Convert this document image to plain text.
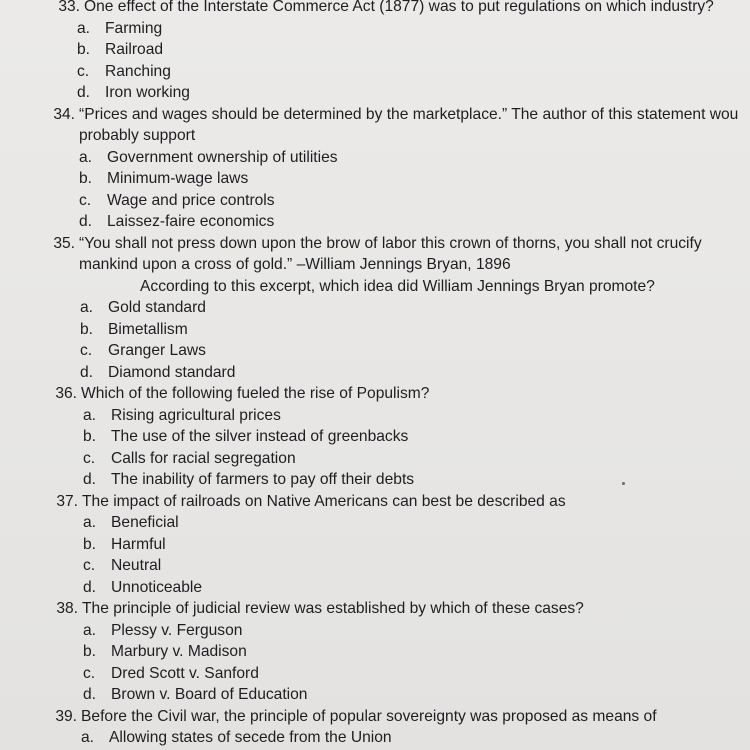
33. One effect of the Interstate Commerce Act (1877) was to put regulations on which industry?
a. Farming
b. Railroad
c.	Ranching
d. Iron working
34. “Prices and wages should be determined by the marketplace.” The author of this statement wou
probably support
a. Government ownership of utilities
b. Minimum-wage laws
c.	Wage and price controls
d. Laissez-faire economics
35. “You shall not press down upon the brow of labor this crown of thorns, you shall not crucify
mankind upon a cross of gold.” –William Jennings Bryan, 1896
According to this excerpt, which idea did William Jennings Bryan promote?
a. Gold standard
b. Bimetallism
c.	Granger Laws
d. Diamond standard
36. Which of the following fueled the rise of Populism?
a. Rising agricultural prices
b. The use of the silver instead of greenbacks
c.	Calls for racial segregation
d. The inability of farmers to pay off their debts
37. The impact of railroads on Native Americans can best be described as
a. Beneficial
b. Harmful
c.	Neutral
d. Unnoticeable
38. The principle of judicial review was established by which of these cases?
a. Plessy v. Ferguson
b. Marbury v. Madison
c.	Dred Scott v. Sanford
d. Brown v. Board of Education
39. Before the Civil war, the principle of popular sovereignty was proposed as means of
a. Allowing states of secede from the Union
